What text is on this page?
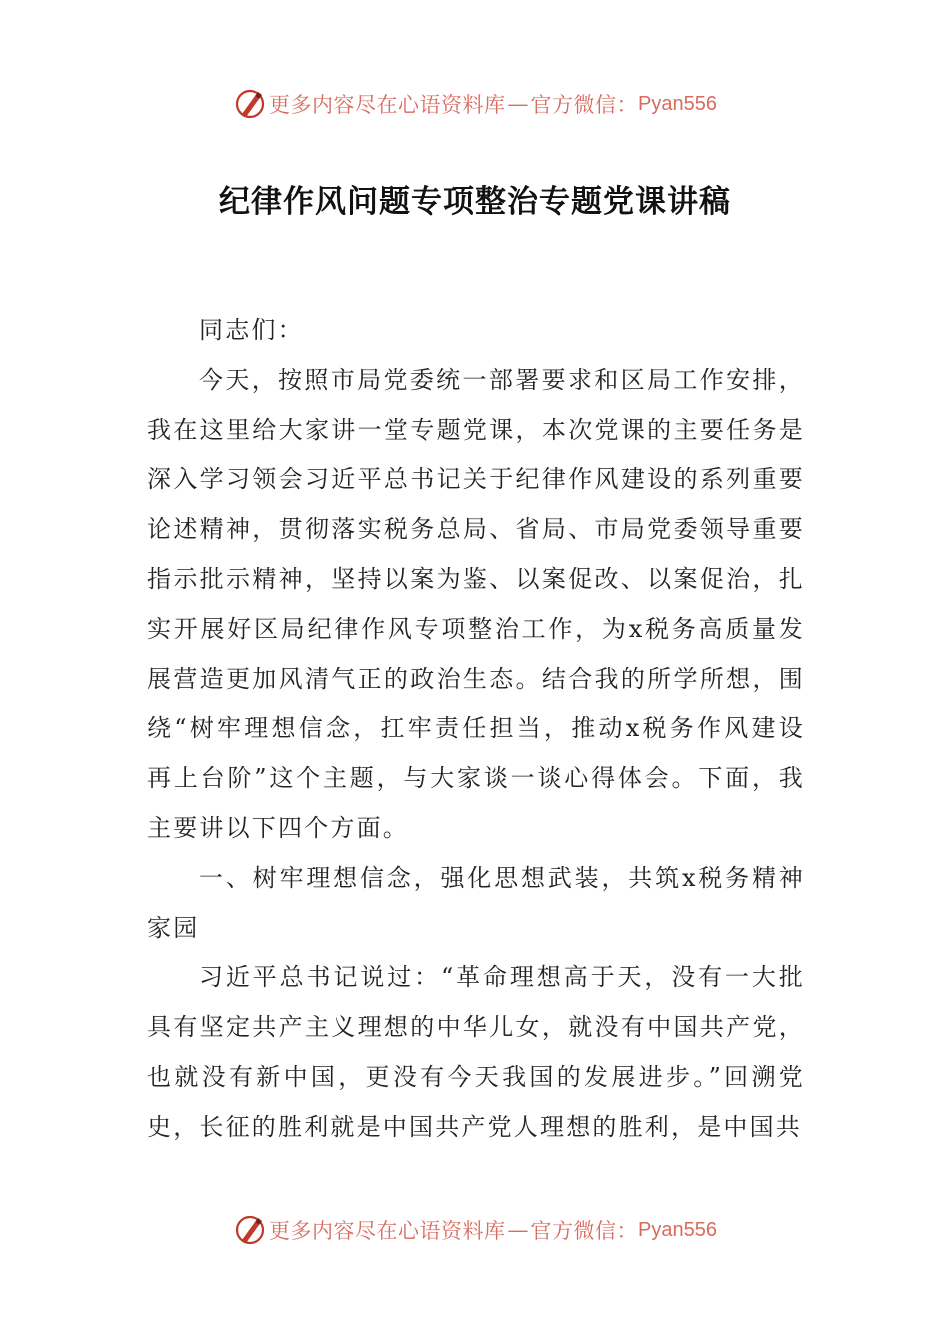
更多内容尽在心语资料库 — 官方微信： Pyan556
纪律作风问题专项整治专题党课讲稿

同志们：

今天，按照市局党委统一部署要求和区局工作安排，我在这里给大家讲一堂专题党课，本次党课的主要任务是深入学习领会习近平总书记关于纪律作风建设的系列重要论述精神，贯彻落实税务总局、省局、市局党委领导重要指示批示精神，坚持以案为鉴、以案促改、以案促治，扎实开展好区局纪律作风专项整治工作，为x税务高质量发展营造更加风清气正的政治生态。结合我的所学所想，围绕“树牢理想信念，扛牢责任担当，推动x税务作风建设再上台阶”这个主题，与大家谈一谈心得体会。下面，我主要讲以下四个方面。

一、树牢理想信念，强化思想武装，共筑x税务精神家园

习近平总书记说过：“革命理想高于天，没有一大批具有坚定共产主义理想的中华儿女，就没有中国共产党，也就没有新中国，更没有今天我国的发展进步。”回溯党史，长征的胜利就是中国共产党人理想的胜利，是中国共

更多内容尽在心语资料库 — 官方微信： Pyan556
